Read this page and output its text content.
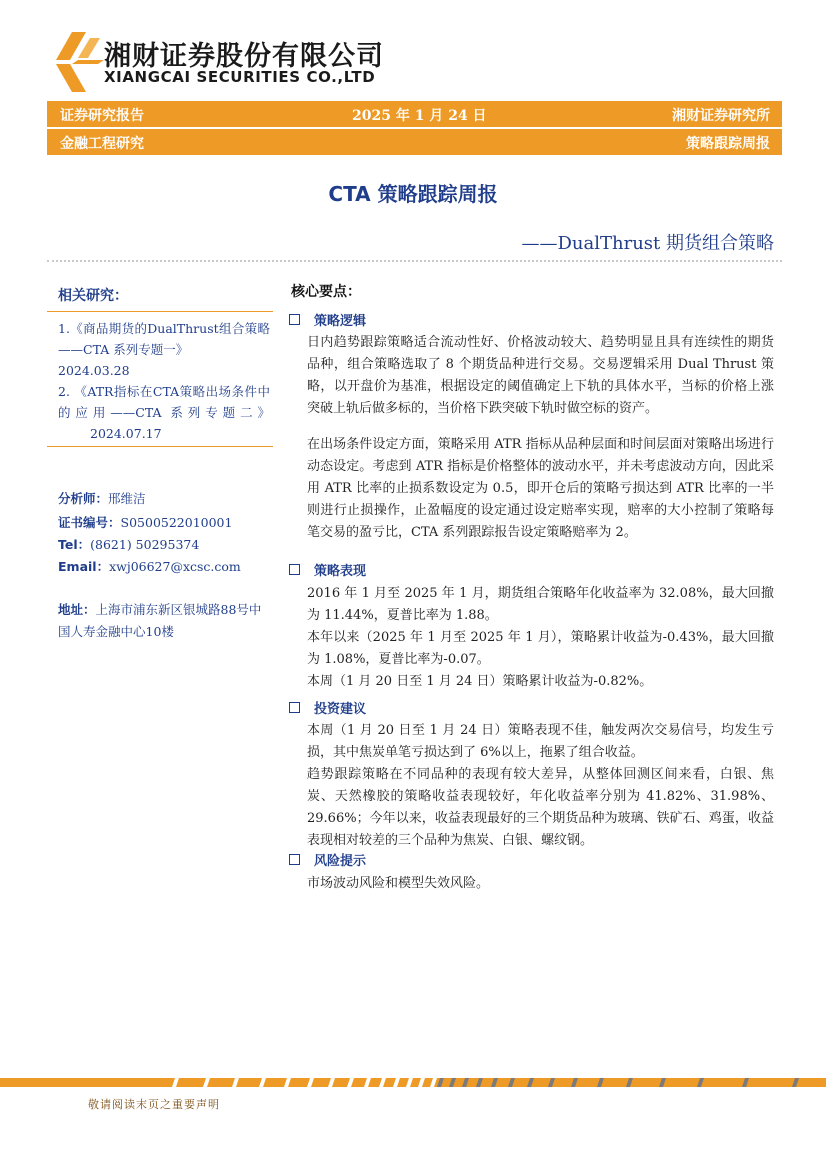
湘财证券股份有限公司
XIANGCAI SECURITIES CO.,LTD
证券研究报告	2025 年 1 月 24 日	湘财证券研究所
金融工程研究	策略跟踪周报
CTA 策略跟踪周报
——DualThrust 期货组合策略
相关研究：

1.《商品期货的DualThrust组合策略——CTA 系列专题一》
2024.03.28

2. 《ATR指标在CTA策略出场条件中的应用——CTA 系列专题二》 2024.07.17

分析师：邢维洁
证书编号：S0500522010001
Tel：(8621) 50295374
Email：xwj06627@xcsc.com
地址：上海市浦东新区银城路88号中国人寿金融中心10楼
核心要点：
策略逻辑

日内趋势跟踪策略适合流动性好、价格波动较大、趋势明显且具有连续性的期货品种，组合策略选取了 8 个期货品种进行交易。交易逻辑采用 Dual Thrust 策略，以开盘价为基准，根据设定的阈值确定上下轨的具体水平，当标的价格上涨突破上轨后做多标的，当价格下跌突破下轨时做空标的资产。

在出场条件设定方面，策略采用 ATR 指标从品种层面和时间层面对策略出场进行动态设定。考虑到 ATR 指标是价格整体的波动水平，并未考虑波动方向，因此采用 ATR 比率的止损系数设定为 0.5，即开仓后的策略亏损达到 ATR 比率的一半则进行止损操作，止盈幅度的设定通过设定赔率实现，赔率的大小控制了策略每笔交易的盈亏比，CTA 系列跟踪报告设定策略赔率为 2。

策略表现

2016 年 1 月至 2025 年 1 月，期货组合策略年化收益率为 32.08%，最大回撤为 11.44%，夏普比率为 1.88。

本年以来（2025 年 1 月至 2025 年 1 月），策略累计收益为-0.43%，最大回撤为 1.08%，夏普比率为-0.07。

本周（1 月 20 日至 1 月 24 日）策略累计收益为-0.82%。

投资建议

本周（1 月 20 日至 1 月 24 日）策略表现不佳，触发两次交易信号，均发生亏损，其中焦炭单笔亏损达到了 6%以上，拖累了组合收益。

趋势跟踪策略在不同品种的表现有较大差异，从整体回测区间来看，白银、焦炭、天然橡胶的策略收益表现较好，年化收益率分别为 41.82%、31.98%、29.66%；今年以来，收益表现最好的三个期货品种为玻璃、铁矿石、鸡蛋，收益表现相对较差的三个品种为焦炭、白银、螺纹钢。

风险提示

市场波动风险和模型失效风险。

敬请阅读末页之重要声明
